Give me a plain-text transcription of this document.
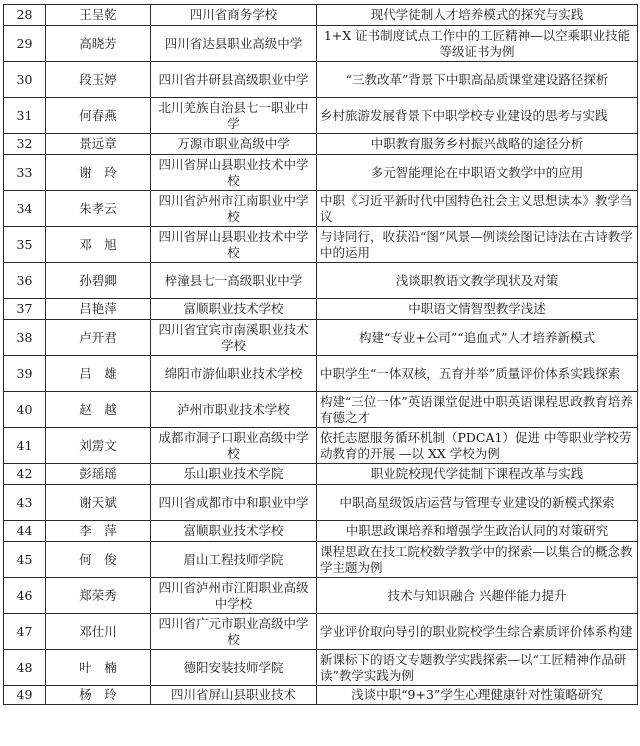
28	王呈乾	四川省商务学校	现代学徒制人才培养模式的探究与实践
29	高晓芳	四川省达县职业高级中学	1+X 证书制度试点工作中的工匠精神—以空乘职业技能等级证书为例
30	段玉婷	四川省井研县高级职业中学	“三教改革”背景下中职高品质课堂建设路径探析
31	何春燕	北川羌族自治县七一职业中学	乡村旅游发展背景下中职学校专业建设的思考与实践
32	景远章	万源市职业高级中学	中职教育服务乡村振兴战略的途径分析
33	谢　玲	四川省屏山县职业技术中学校	多元智能理论在中职语文教学中的应用
34	朱孝云	四川省泸州市江南职业中学校	中职《习近平新时代中国特色社会主义思想读本》教学刍议
35	邓　旭	四川省屏山县职业技术中学校	与诗同行，收获沿“图”风景—例谈绘图记诗法在古诗教学中的运用
36	孙碧卿	梓潼县七一高级职业中学	浅谈职教语文教学现状及对策
37	吕艳萍	富顺职业技术学校	中职语文情智型教学浅述
38	卢开君	四川省宜宾市南溪职业技术学校	构建“专业+公司”“追血式”人才培养新模式
39	吕　雄	绵阳市游仙职业技术学校	中职学生“一体双核，五育并举”质量评价体系实践探索
40	赵　越	泸州市职业技术学校	构建“三位一体”英语课堂促进中职英语课程思政教育培养有德之才
41	刘雳文	成都市洞子口职业高级中学校	依托志愿服务循环机制（PDCA1）促进 中等职业学校劳动教育的开展 —以 XX 学校为例
42	彭瑶瑶	乐山职业技术学院	职业院校现代学徒制下课程改革与实践
43	谢天斌	四川省成都市中和职业中学	中职高星级饭店运营与管理专业建设的新模式探索
44	李　萍	富顺职业技术学校	中职思政课培养和增强学生政治认同的对策研究
45	何　俊	眉山工程技师学院	课程思政在技工院校数学教学中的探索—以集合的概念教学主题为例
46	郑荣秀	四川省泸州市江阳职业高级中学校	技术与知识融合 兴趣伴能力提升
47	邓仕川	四川省广元市职业高级中学校	学业评价取向导引的职业院校学生综合素质评价体系构建
48	叶　楠	德阳安装技师学院	新课标下的语文专题教学实践探索—以“工匠精神作品研读”教学实践为例
49	杨　玲	四川省屏山县职业技术	浅谈中职“9+3”学生心理健康针对性策略研究
